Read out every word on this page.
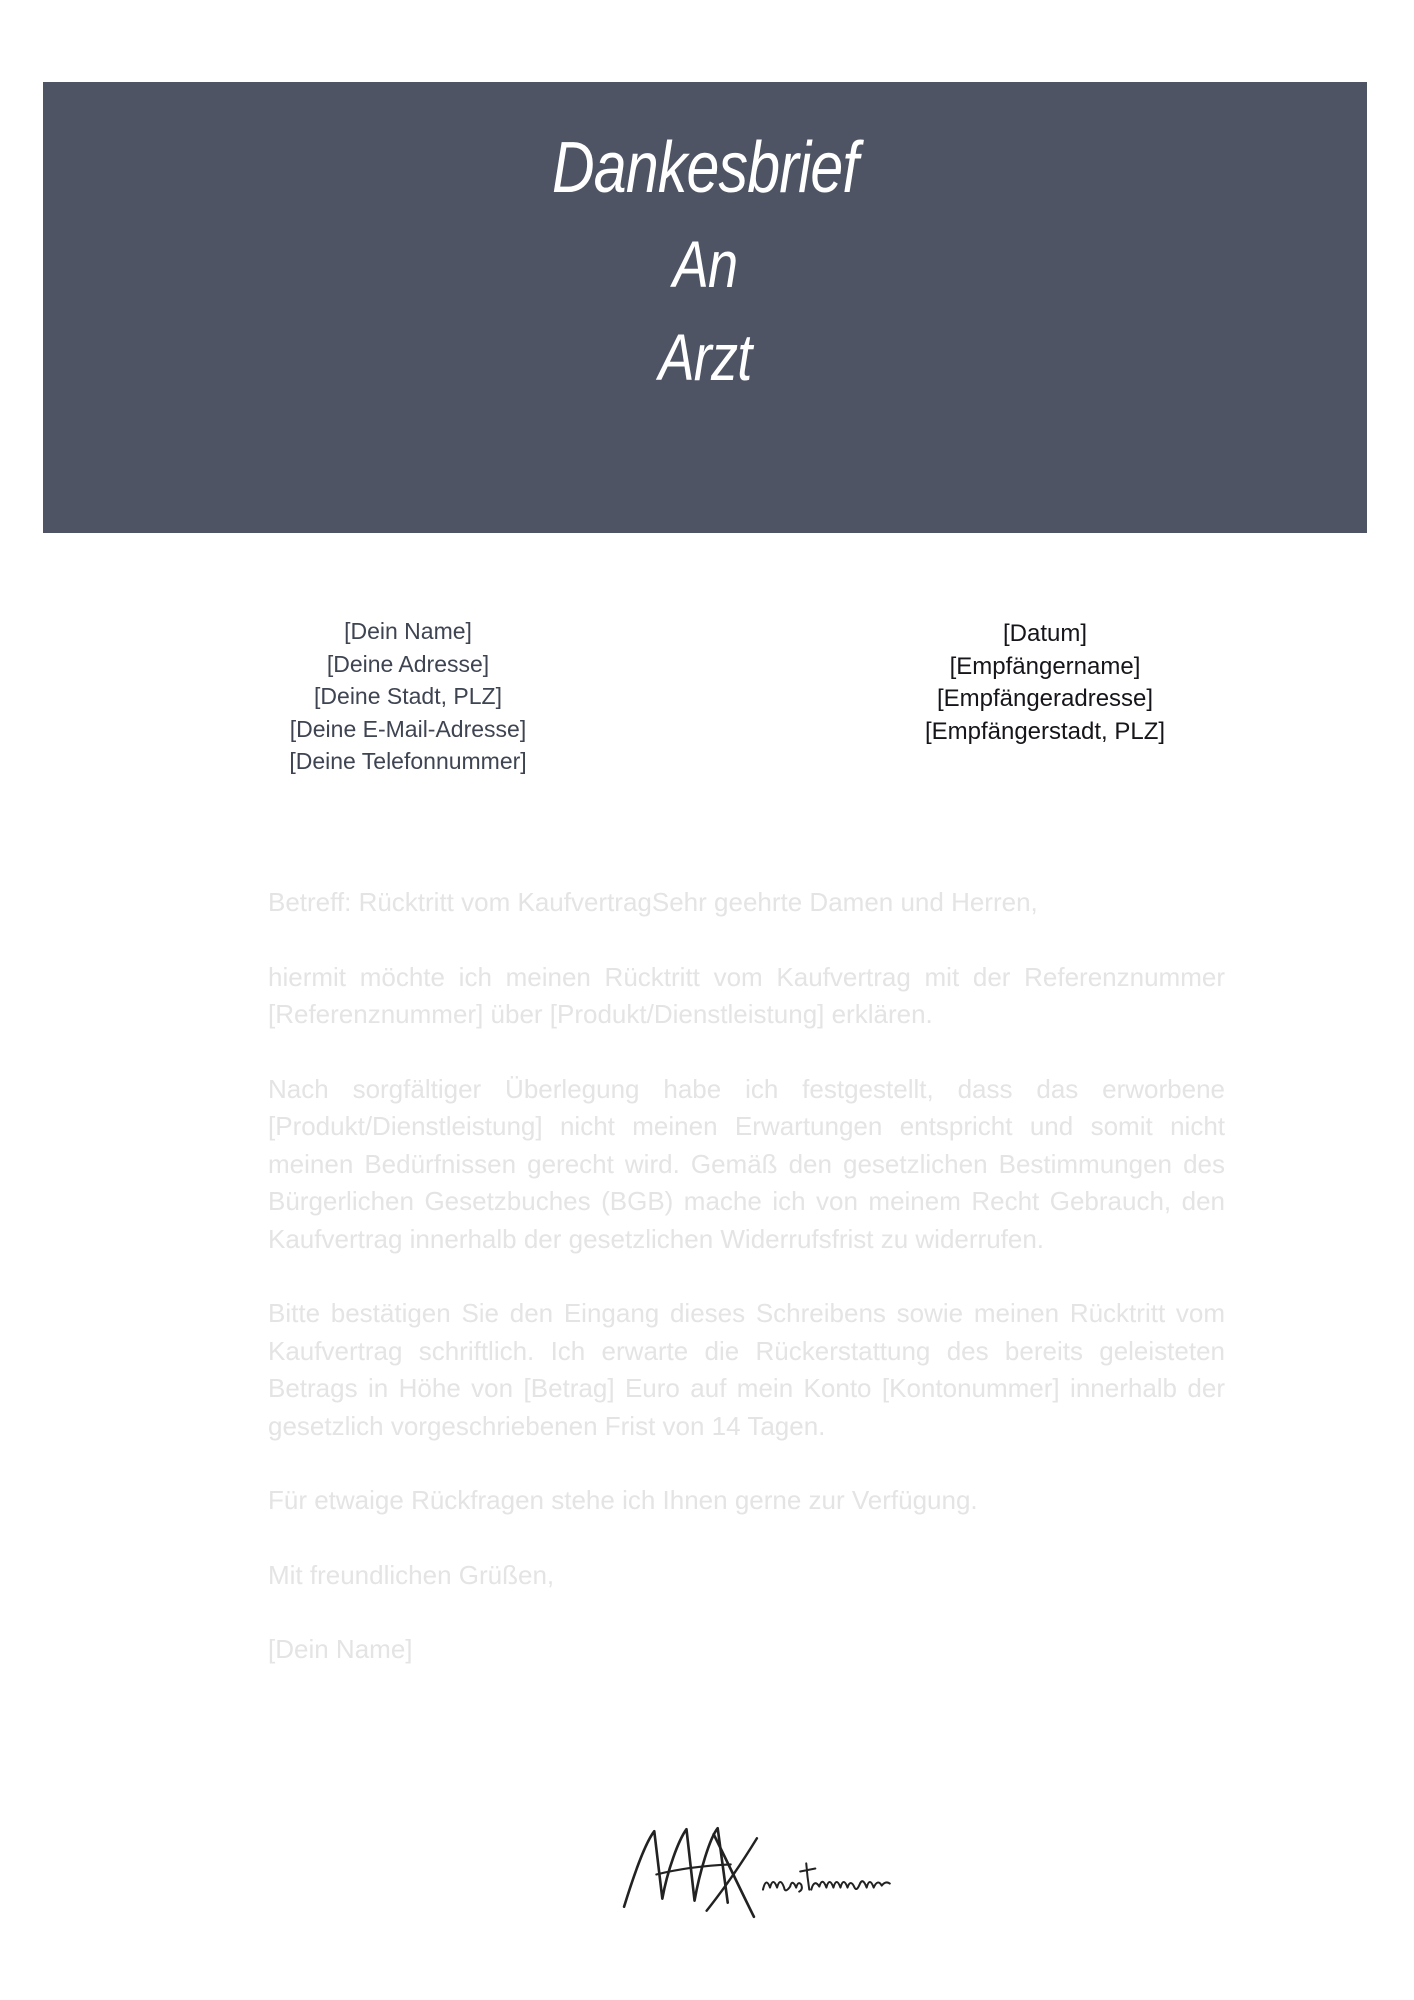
Dankesbrief
An
Arzt
[Dein Name]
[Deine Adresse]
[Deine Stadt, PLZ]
[Deine E-Mail-Adresse]
[Deine Telefonnummer]
[Datum]
[Empfängername]
[Empfängeradresse]
[Empfängerstadt, PLZ]

Betreff: Rücktritt vom KaufvertragSehr geehrte Damen und Herren,

hiermit möchte ich meinen Rücktritt vom Kaufvertrag mit der Referenznummer [Referenznummer] über [Produkt/Dienstleistung] erklären.

Nach sorgfältiger Überlegung habe ich festgestellt, dass das erworbene [Produkt/Dienstleistung] nicht meinen Erwartungen entspricht und somit nicht meinen Bedürfnissen gerecht wird. Gemäß den gesetzlichen Bestimmungen des Bürgerlichen Gesetzbuches (BGB) mache ich von meinem Recht Gebrauch, den Kaufvertrag innerhalb der gesetzlichen Widerrufsfrist zu widerrufen.

Bitte bestätigen Sie den Eingang dieses Schreibens sowie meinen Rücktritt vom Kaufvertrag schriftlich. Ich erwarte die Rückerstattung des bereits geleisteten Betrags in Höhe von [Betrag] Euro auf mein Konto [Kontonummer] innerhalb der gesetzlich vorgeschriebenen Frist von 14 Tagen.

Für etwaige Rückfragen stehe ich Ihnen gerne zur Verfügung.

Mit freundlichen Grüßen,

[Dein Name]
